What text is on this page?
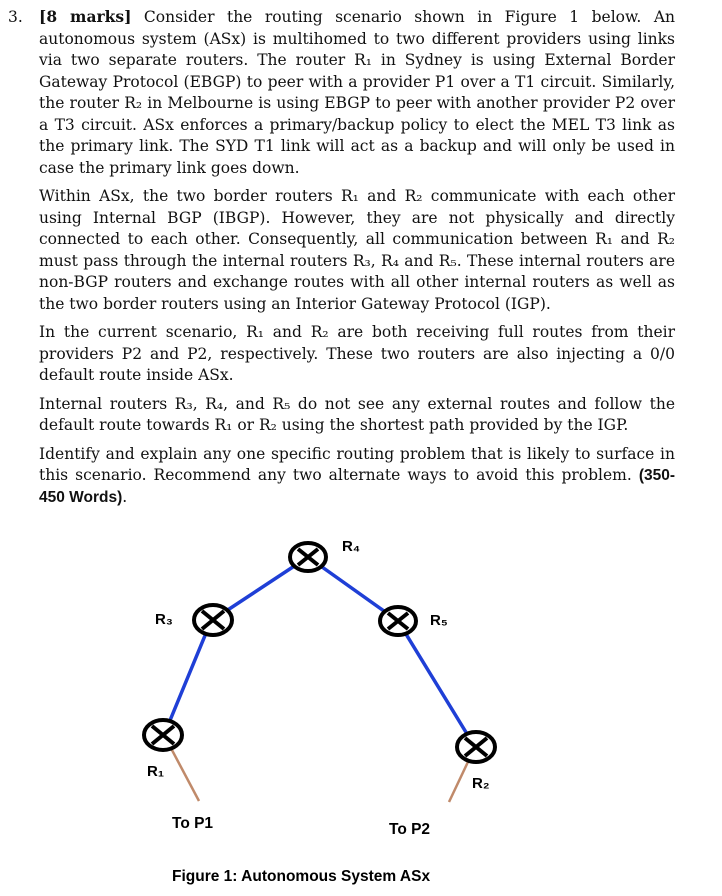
3. [8 marks] Consider the routing scenario shown in Figure 1 below. An autonomous system (ASx) is multihomed to two different providers using links via two separate routers. The router R₁ in Sydney is using External Border Gateway Protocol (EBGP) to peer with a provider P1 over a T1 circuit. Similarly, the router R₂ in Melbourne is using EBGP to peer with another provider P2 over a T3 circuit. ASx enforces a primary/backup policy to elect the MEL T3 link as the primary link. The SYD T1 link will act as a backup and will only be used in case the primary link goes down.

Within ASx, the two border routers R₁ and R₂ communicate with each other using Internal BGP (IBGP). However, they are not physically and directly connected to each other. Consequently, all communication between R₁ and R₂ must pass through the internal routers R₃, R₄ and R₅. These internal routers are non-BGP routers and exchange routes with all other internal routers as well as the two border routers using an Interior Gateway Protocol (IGP).

In the current scenario, R₁ and R₂ are both receiving full routes from their providers P2 and P2, respectively. These two routers are also injecting a 0/0 default route inside ASx.

Internal routers R₃, R₄, and R₅ do not see any external routes and follow the default route towards R₁ or R₂ using the shortest path provided by the IGP.

Identify and explain any one specific routing problem that is likely to surface in this scenario. Recommend any two alternate ways to avoid this problem. (350-450 Words).

R₄
R₃	R₅
R₁
R₂
To P1	To P2
Figure 1: Autonomous System ASx
